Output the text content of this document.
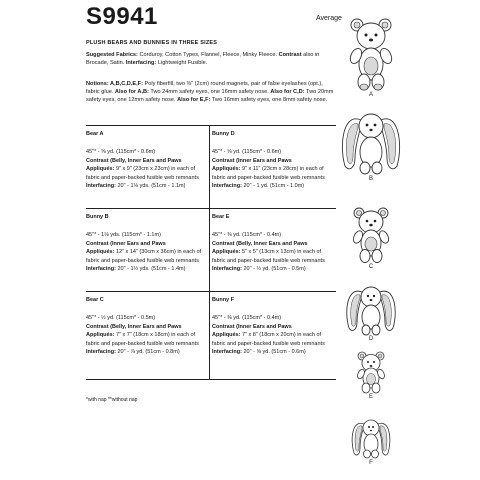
S9941	Average
PLUSH BEARS AND BUNNIES IN THREE SIZES
Suggested Fabrics: Corduroy, Cotton Types, Flannel, Fleece, Minky Fleece. Contrast also in Brocade, Satin. Interfacing: Lightweight Fusible.
Notions: A,B,C,D,E,F: Poly fiberfill, two ⅜" (2cm) round magnets, pair of false eyelashes (opt.), fabric glue. Also for A,B: Two 24mm safety eyes, one 16mm safety nose. Also for C,D: Two 20mm safety eyes, one 12mm safety nose. Also for E,F: Two 16mm safety eyes, one 8mm safety nose.
Bear A
45"* - ⅝ yd. (115cm* - 0.6m)
Contrast (Belly, Inner Ears and Paws
Appliqués: 9" x 9" (23cm x 23cm) in each of
fabric and paper-backed fusible web remnants
Interfacing: 20" - 1⅛ yds. (51cm - 1.1m)
Bunny B
45"* - 1⅛ yds. (115cm* - 1.1m)
Contrast (Inner Ears and Paws
Appliqués: 12" x 14" (30cm x 36cm) in each of
fabric and paper-backed fusible web remnants
Interfacing: 20" - 1½ yds. (51cm - 1.4m)
Bear C
45"* - ½ yd. (115cm* - 0.5m)
Contrast (Belly, Inner Ears and Paws
Appliqués: 7" x 7" (18cm x 18cm) in each of
fabric and paper-backed fusible web remnants
Interfacing: 20" - ⅞ yd. (51cm - 0.8m)
Bunny D
45"* - ⅝ yd. (115cm* - 0.6m)
Contrast (Inner Ears and Paws
Appliqués: 9" x 11" (23cm x 28cm) in each of
fabric and paper-backed fusible web remnants
Interfacing: 20" - 1 yd. (51cm - 1.0m)
Bear E
45"* - ⅜ yd. (115cm* - 0.4m)
Contrast (Belly, Inner Ears and Paws
Appliqués: 5" x 5" (13cm x 13cm) in each of
fabric and paper-backed fusible web remnants
Interfacing: 20" - ½ yd. (51cm - 0.5m)
Bunny F
45"* - ⅜ yd. (115cm* - 0.4m)
Contrast (Inner Ears and Paws
Appliqués: 7" x 8" (18cm x 20cm) in each of
fabric and paper-backed fusible web remnants
Interfacing: 20" - ⅝ yd. (51cm - 0.6m)
*with nap **without nap
A
B
C
D
E
F
